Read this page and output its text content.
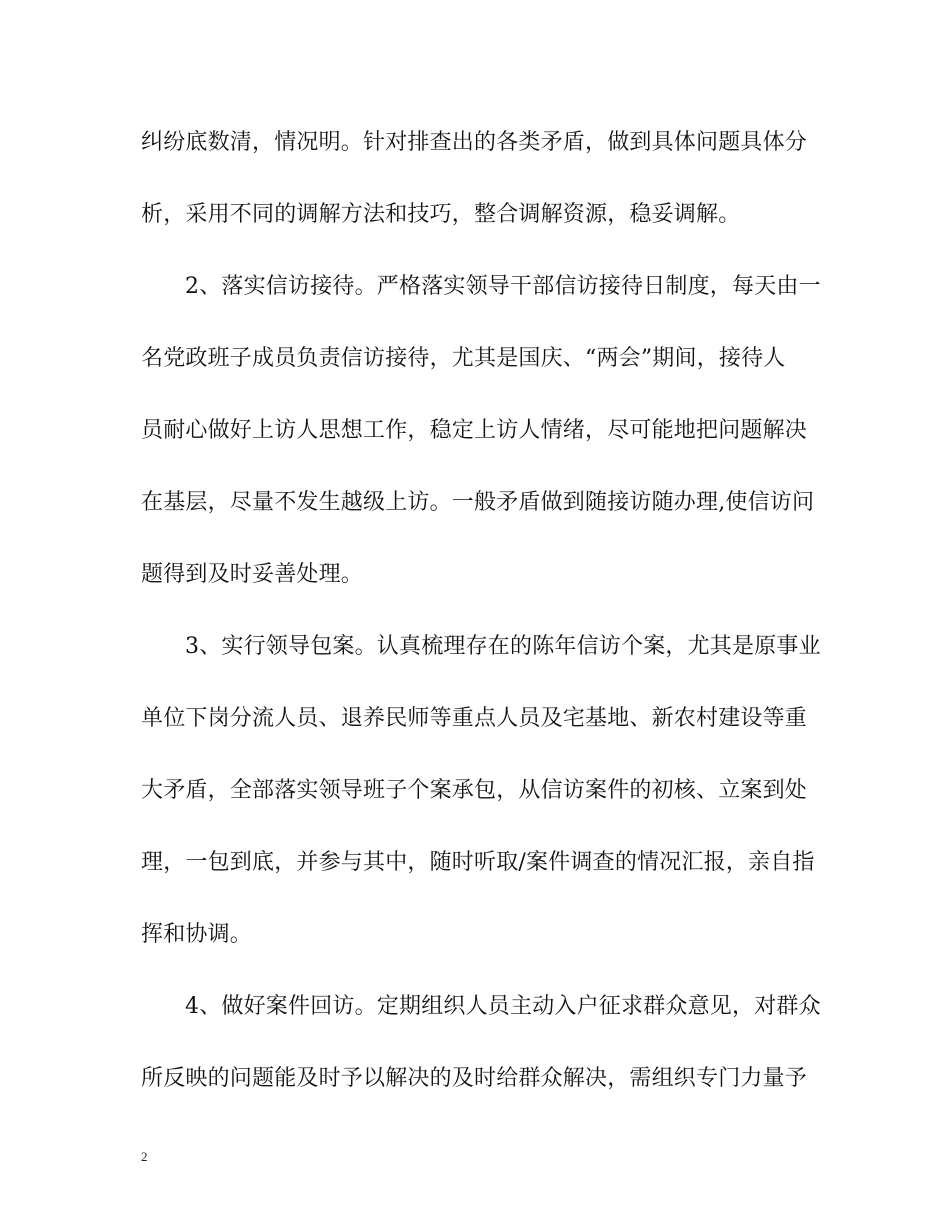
纠纷底数清，情况明。针对排查出的各类矛盾，做到具体问题具体分
析，采用不同的调解方法和技巧，整合调解资源，稳妥调解。
2、落实信访接待。严格落实领导干部信访接待日制度，每天由一
名党政班子成员负责信访接待，尤其是国庆、“两会”期间，接待人
员耐心做好上访人思想工作，稳定上访人情绪，尽可能地把问题解决
在基层，尽量不发生越级上访。一般矛盾做到随接访随办理,使信访问
题得到及时妥善处理。
3、实行领导包案。认真梳理存在的陈年信访个案，尤其是原事业
单位下岗分流人员、退养民师等重点人员及宅基地、新农村建设等重
大矛盾，全部落实领导班子个案承包，从信访案件的初核、立案到处
理，一包到底，并参与其中，随时听取/案件调查的情况汇报，亲自指
挥和协调。
4、做好案件回访。定期组织人员主动入户征求群众意见，对群众
所反映的问题能及时予以解决的及时给群众解决，需组织专门力量予
2
